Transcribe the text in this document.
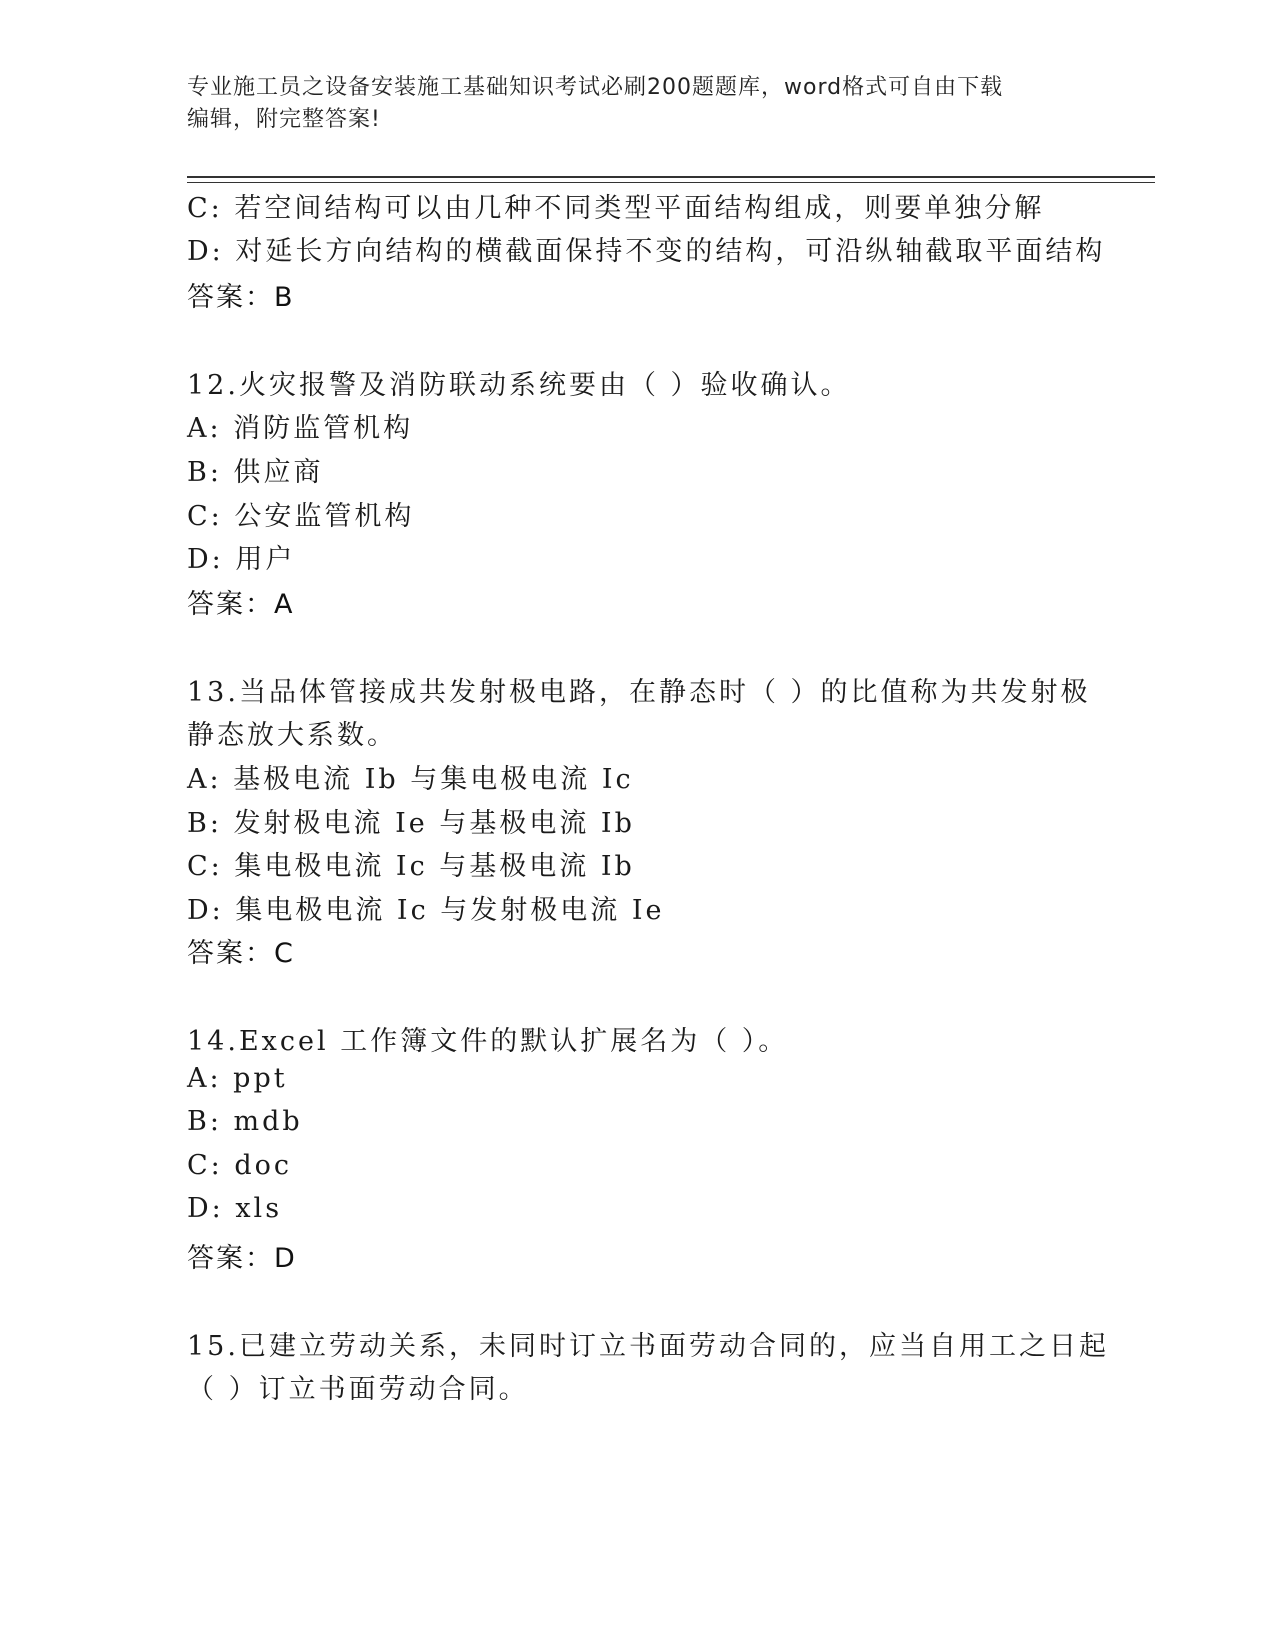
专业施工员之设备安装施工基础知识考试必刷200题题库，word格式可自由下载
编辑，附完整答案!
C: 若空间结构可以由几种不同类型平面结构组成，则要单独分解
D: 对延长方向结构的横截面保持不变的结构，可沿纵轴截取平面结构
答案：B
12.火灾报警及消防联动系统要由（ ）验收确认。
A: 消防监管机构
B: 供应商
C: 公安监管机构
D: 用户
答案：A
13.当品体管接成共发射极电路，在静态时（ ）的比值称为共发射极
静态放大系数。
A: 基极电流 Ib 与集电极电流 Ic
B: 发射极电流 Ie 与基极电流 Ib
C: 集电极电流 Ic 与基极电流 Ib
D: 集电极电流 Ic 与发射极电流 Ie
答案：C
14.Excel 工作簿文件的默认扩展名为（ ）。
A: ppt
B: mdb
C: doc
D: xls
答案：D
15.已建立劳动关系，未同时订立书面劳动合同的，应当自用工之日起
（ ）订立书面劳动合同。
